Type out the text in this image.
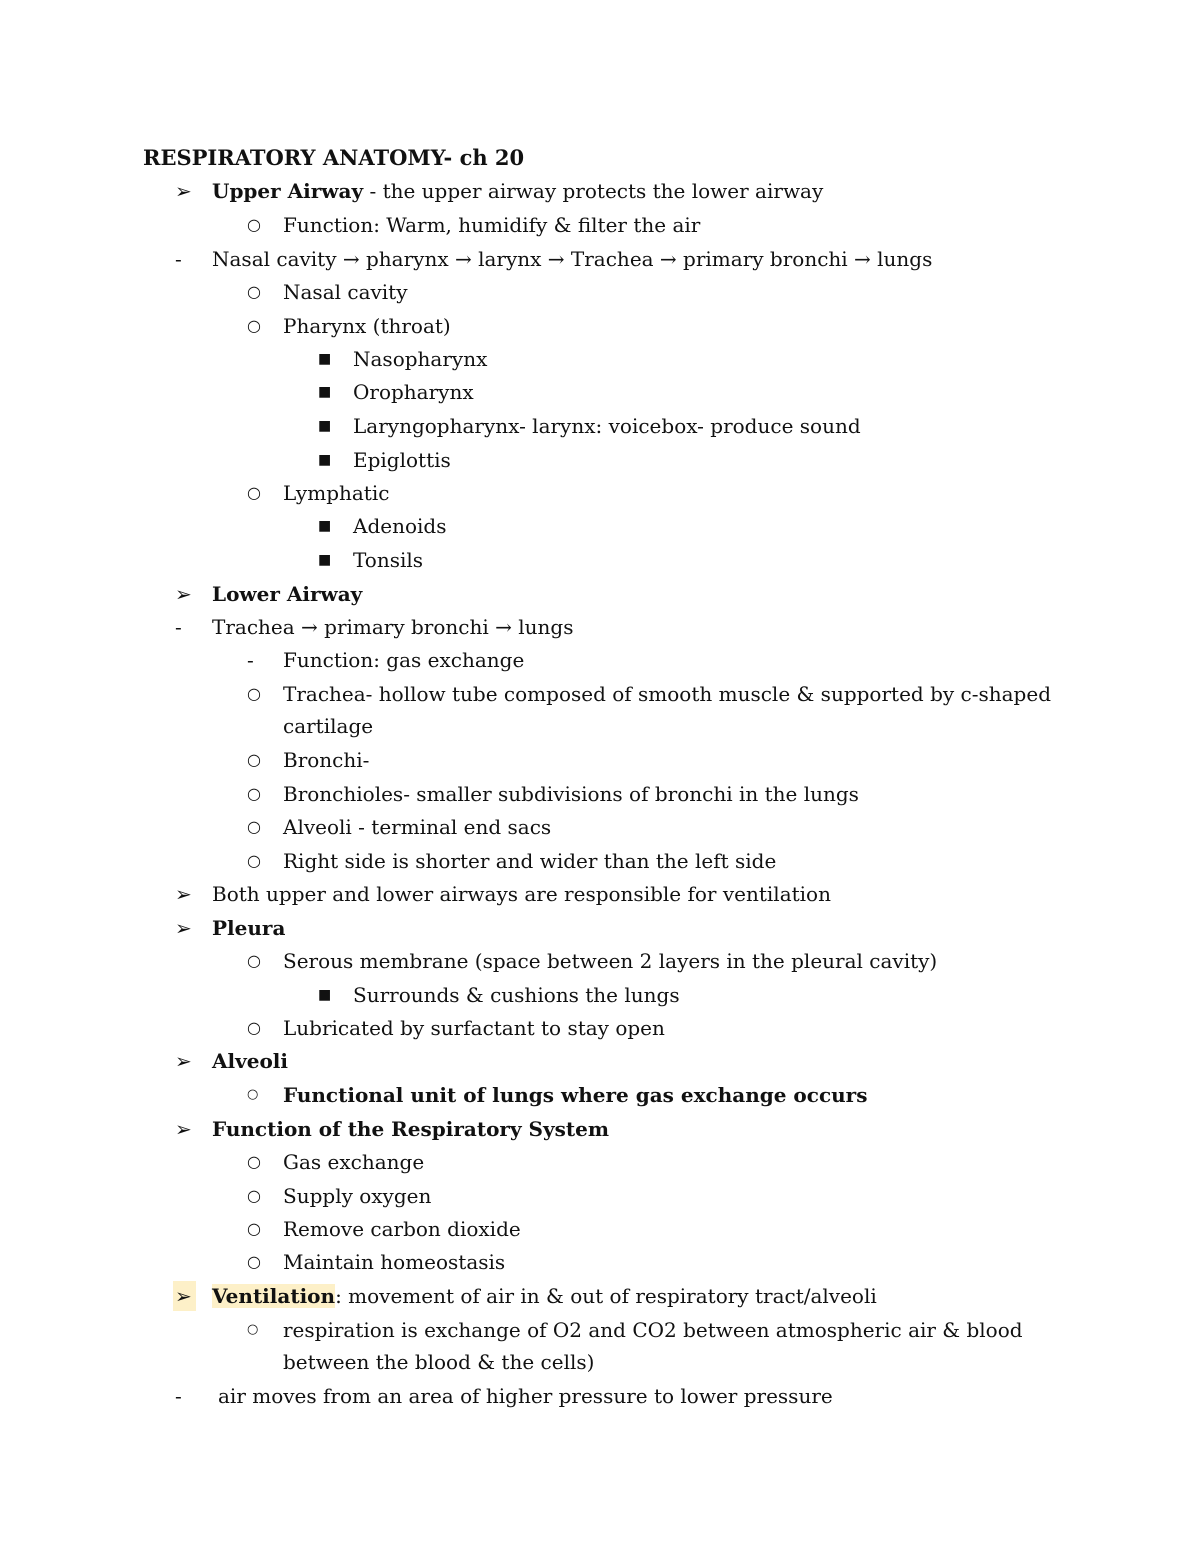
RESPIRATORY ANATOMY- ch 20
➢ Upper Airway - the upper airway protects the lower airway
○ Function: Warm, humidify & filter the air
- Nasal cavity → pharynx → larynx → Trachea → primary bronchi → lungs
○ Nasal cavity
○ Pharynx (throat)
■ Nasopharynx
■ Oropharynx
■ Laryngopharynx- larynx: voicebox- produce sound
■ Epiglottis
○ Lymphatic
■ Adenoids
■ Tonsils
➢ Lower Airway
- Trachea → primary bronchi → lungs
- Function: gas exchange
○ Trachea- hollow tube composed of smooth muscle & supported by c-shaped
cartilage
○ Bronchi-
○ Bronchioles- smaller subdivisions of bronchi in the lungs
○ Alveoli - terminal end sacs
○ Right side is shorter and wider than the left side
➢ Both upper and lower airways are responsible for ventilation
➢ Pleura
○ Serous membrane (space between 2 layers in the pleural cavity)
■ Surrounds & cushions the lungs
○ Lubricated by surfactant to stay open
➢ Alveoli
○ Functional unit of lungs where gas exchange occurs
➢ Function of the Respiratory System
○ Gas exchange
○ Supply oxygen
○ Remove carbon dioxide
○ Maintain homeostasis
➢ Ventilation: movement of air in & out of respiratory tract/alveoli
○ respiration is exchange of O2 and CO2 between atmospheric air & blood
between the blood & the cells)
- air moves from an area of higher pressure to lower pressure
